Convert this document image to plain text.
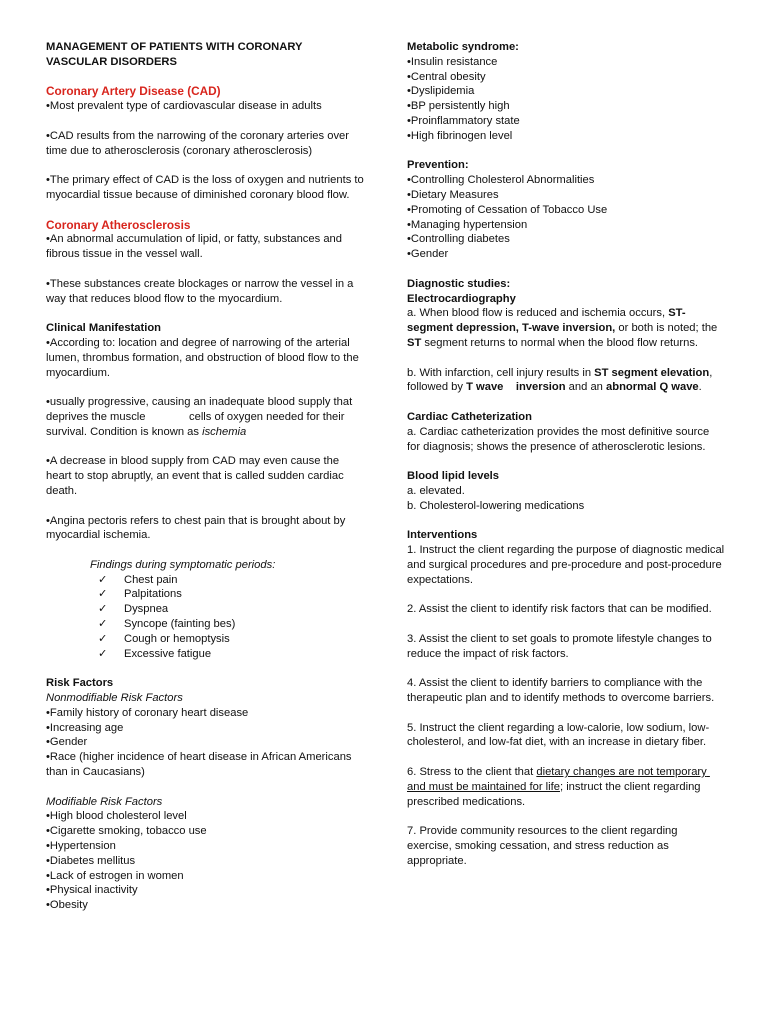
MANAGEMENT OF PATIENTS WITH CORONARY VASCULAR DISORDERS

Coronary Artery Disease (CAD)

•Most prevalent type of cardiovascular disease in adults

•CAD results from the narrowing of the coronary arteries over time due to atherosclerosis (coronary atherosclerosis)

•The primary effect of CAD is the loss of oxygen and nutrients to myocardial tissue because of diminished coronary blood flow.

Coronary Atherosclerosis

•An abnormal accumulation of lipid, or fatty, substances and fibrous tissue in the vessel wall.

•These substances create blockages or narrow the vessel in a way that reduces blood flow to the myocardium.

Clinical Manifestation

•According to: location and degree of narrowing of the arterial lumen, thrombus formation, and obstruction of blood flow to the myocardium.

•usually progressive, causing an inadequate blood supply that deprives the muscle              cells of oxygen needed for their survival. Condition is known as ischemia

•A decrease in blood supply from CAD may even cause the heart to stop abruptly, an event that is called sudden cardiac death.

•Angina pectoris refers to chest pain that is brought about by myocardial ischemia.

Findings during symptomatic periods:

✓ Chest pain

✓ Palpitations

✓ Dyspnea

✓ Syncope (fainting bes)

✓ Cough or hemoptysis

✓ Excessive fatigue

Risk Factors

Nonmodifiable Risk Factors

•Family history of coronary heart disease

•Increasing age

•Gender

•Race (higher incidence of heart disease in African Americans than in Caucasians)

Modifiable Risk Factors

•High blood cholesterol level

•Cigarette smoking, tobacco use

•Hypertension

•Diabetes mellitus

•Lack of estrogen in women

•Physical inactivity

•Obesity

Metabolic syndrome:

•Insulin resistance

•Central obesity

•Dyslipidemia

•BP persistently high

•Proinflammatory state

•High fibrinogen level

Prevention:

•Controlling Cholesterol Abnormalities

•Dietary Measures

•Promoting of Cessation of Tobacco Use

•Managing hypertension

•Controlling diabetes

•Gender

Diagnostic studies:

Electrocardiography

a. When blood flow is reduced and ischemia occurs, ST-segment depression, T-wave inversion, or both is noted; the ST segment returns to normal when the blood flow returns.

b. With infarction, cell injury results in ST segment elevation, followed by T wave    inversion and an abnormal Q wave.

Cardiac Catheterization

a. Cardiac catheterization provides the most definitive source for diagnosis; shows the presence of atherosclerotic lesions.

Blood lipid levels

a. elevated.

b. Cholesterol-lowering medications

Interventions

1. Instruct the client regarding the purpose of diagnostic medical and surgical procedures and pre-procedure and post-procedure expectations.

2. Assist the client to identify risk factors that can be modified.

3. Assist the client to set goals to promote lifestyle changes to reduce the impact of risk factors.

4. Assist the client to identify barriers to compliance with the therapeutic plan and to identify methods to overcome barriers.

5. Instruct the client regarding a low-calorie, low sodium, low-cholesterol, and low-fat diet, with an increase in dietary fiber.

6. Stress to the client that dietary changes are not temporary and must be maintained for life; instruct the client regarding prescribed medications.

7. Provide community resources to the client regarding exercise, smoking cessation, and stress reduction as appropriate.
